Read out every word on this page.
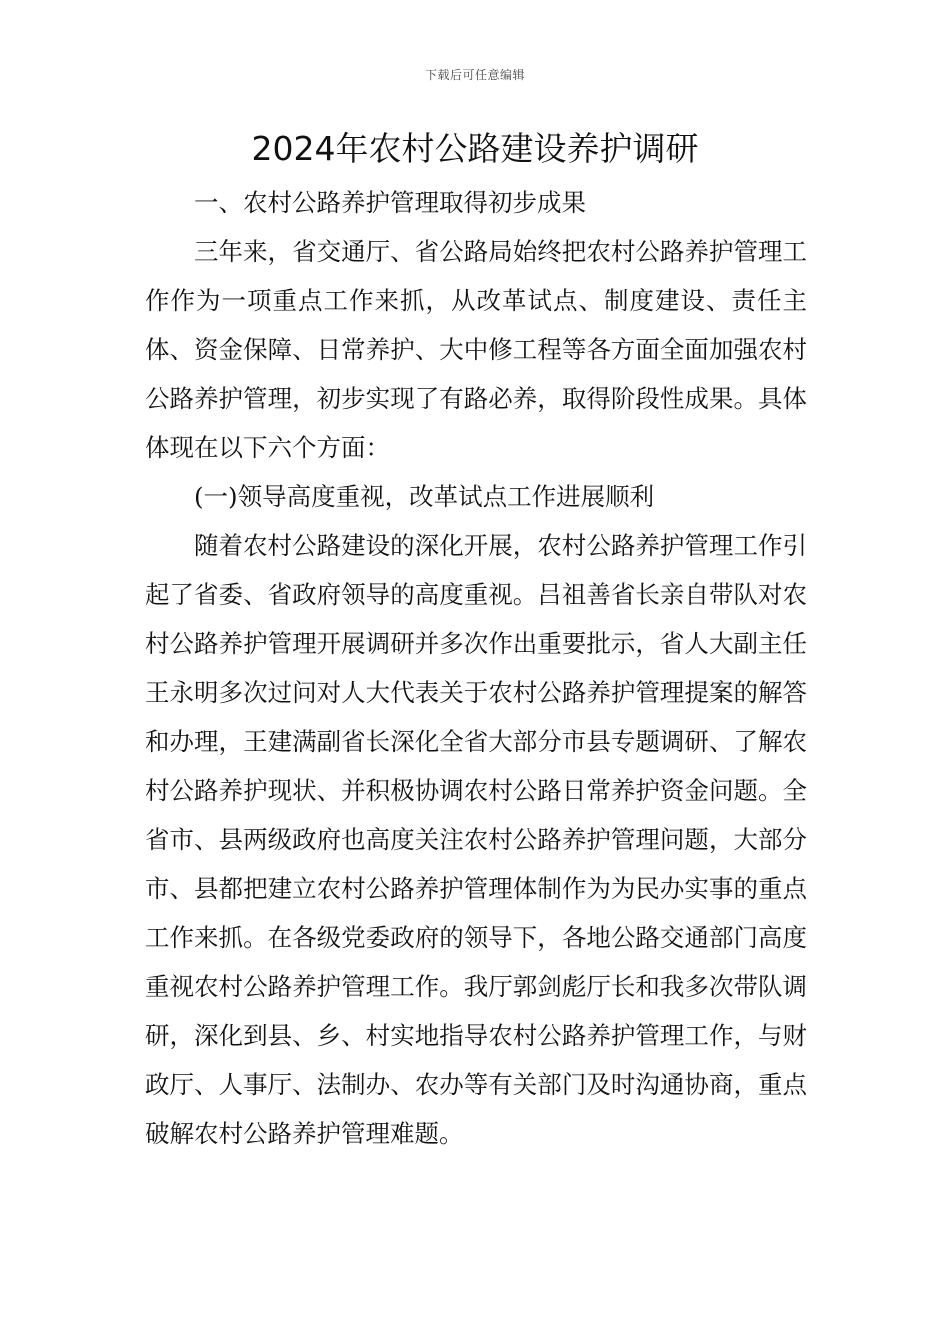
下载后可任意编辑
2024年农村公路建设养护调研

一、农村公路养护管理取得初步成果

三年来，省交通厅、省公路局始终把农村公路养护管理工作作为一项重点工作来抓，从改革试点、制度建设、责任主体、资金保障、日常养护、大中修工程等各方面全面加强农村公路养护管理，初步实现了有路必养，取得阶段性成果。具体体现在以下六个方面：

(一)领导高度重视，改革试点工作进展顺利

随着农村公路建设的深化开展，农村公路养护管理工作引起了省委、省政府领导的高度重视。吕祖善省长亲自带队对农村公路养护管理开展调研并多次作出重要批示，省人大副主任王永明多次过问对人大代表关于农村公路养护管理提案的解答和办理，王建满副省长深化全省大部分市县专题调研、了解农村公路养护现状、并积极协调农村公路日常养护资金问题。全省市、县两级政府也高度关注农村公路养护管理问题，大部分市、县都把建立农村公路养护管理体制作为为民办实事的重点工作来抓。在各级党委政府的领导下，各地公路交通部门高度重视农村公路养护管理工作。我厅郭剑彪厅长和我多次带队调研，深化到县、乡、村实地指导农村公路养护管理工作，与财政厅、人事厅、法制办、农办等有关部门及时沟通协商，重点破解农村公路养护管理难题。
